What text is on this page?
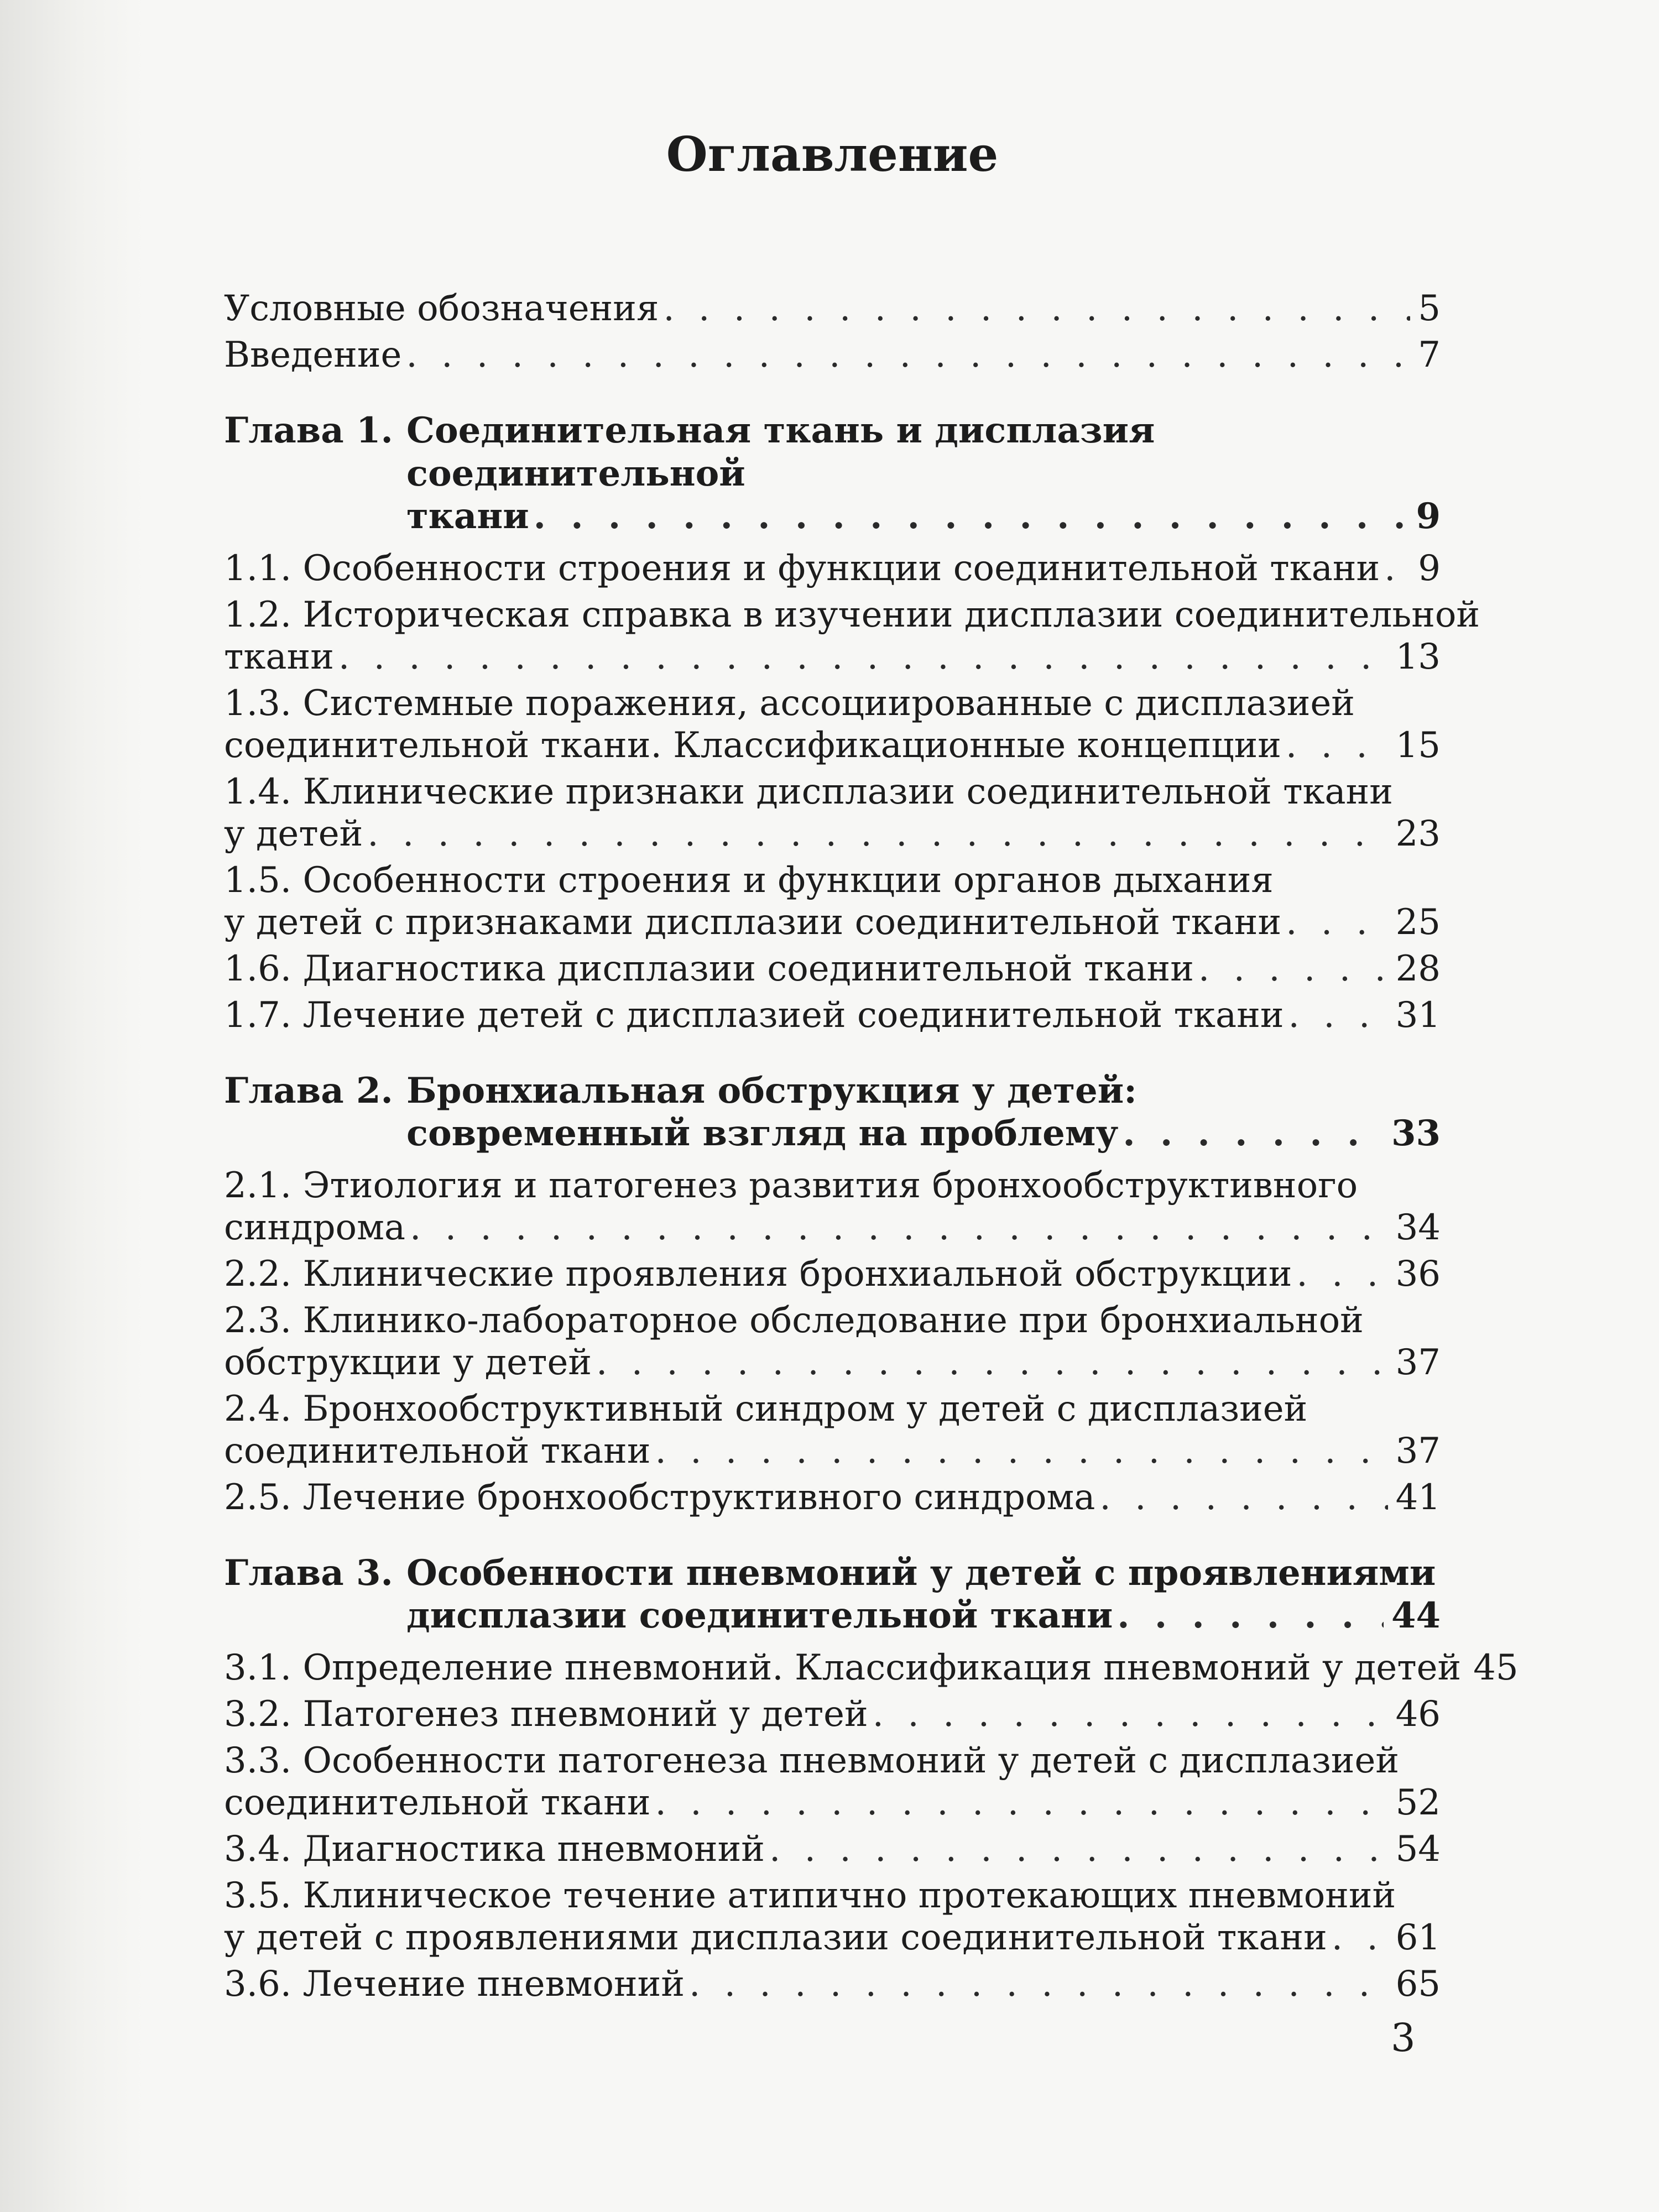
Оглавление
Условные обозначения . . .	5
Введение . . .	7
Глава 1. Соединительная ткань и дисплазия соединительной
ткани . . .	9
1.1. Особенности строения и функции соединительной ткани . . . 9
1.2. Историческая справка в изучении дисплазии соединительной
ткани . . .	13
1.3. Системные поражения, ассоциированные с дисплазией
соединительной ткани. Классификационные концепции . . .	15
1.4. Клинические признаки дисплазии соединительной ткани
у детей . . .	23
1.5. Особенности строения и функции органов дыхания
у детей с признаками дисплазии соединительной ткани . . .	25
1.6. Диагностика дисплазии соединительной ткани . . .	28
1.7. Лечение детей с дисплазией соединительной ткани . . .	31
Глава 2. Бронхиальная обструкция у детей:
современный взгляд на проблему . . .	33
2.1. Этиология и патогенез развития бронхообструктивного
синдрома . . .	34
2.2. Клинические проявления бронхиальной обструкции . . .	36
2.3. Клинико-лабораторное обследование при бронхиальной
обструкции у детей . . .	37
2.4. Бронхообструктивный синдром у детей с дисплазией
соединительной ткани . . .	37
2.5. Лечение бронхообструктивного синдрома . . .	41
Глава 3. Особенности пневмоний у детей с проявлениями
дисплазии соединительной ткани . . .	44
3.1. Определение пневмоний. Классификация пневмоний у детей 45
3.2. Патогенез пневмоний у детей . . .	46
3.3. Особенности патогенеза пневмоний у детей с дисплазией
соединительной ткани . . .	52
3.4. Диагностика пневмоний . . .	54
3.5. Клиническое течение атипично протекающих пневмоний
у детей с проявлениями дисплазии соединительной ткани . . . 61
3.6. Лечение пневмоний . . .	65
3
